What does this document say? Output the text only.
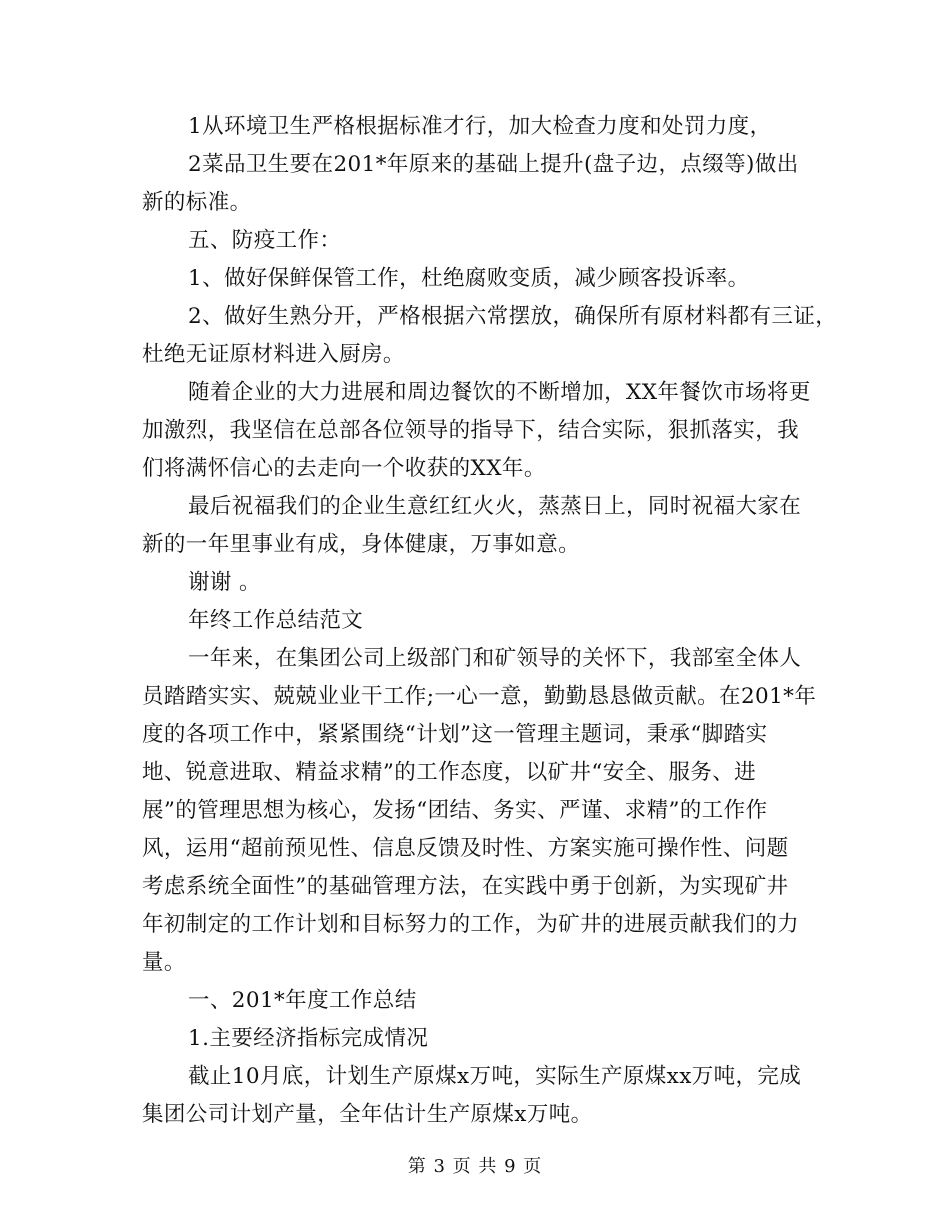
1从环境卫生严格根据标准才行，加大检查力度和处罚力度，
2菜品卫生要在201*年原来的基础上提升(盘子边，点缀等)做出
新的标准。
五、防疫工作：
1、做好保鲜保管工作，杜绝腐败变质，减少顾客投诉率。
2、做好生熟分开，严格根据六常摆放，确保所有原材料都有三证，
杜绝无证原材料进入厨房。
随着企业的大力进展和周边餐饮的不断增加，XX年餐饮市场将更
加激烈，我坚信在总部各位领导的指导下，结合实际，狠抓落实，我
们将满怀信心的去走向一个收获的XX年。
最后祝福我们的企业生意红红火火，蒸蒸日上，同时祝福大家在
新的一年里事业有成，身体健康，万事如意。
谢谢 。
年终工作总结范文
一年来，在集团公司上级部门和矿领导的关怀下，我部室全体人
员踏踏实实、兢兢业业干工作;一心一意，勤勤恳恳做贡献。在201*年
度的各项工作中，紧紧围绕“计划”这一管理主题词，秉承“脚踏实
地、锐意进取、精益求精”的工作态度，以矿井“安全、服务、进
展”的管理思想为核心，发扬“团结、务实、严谨、求精”的工作作
风，运用“超前预见性、信息反馈及时性、方案实施可操作性、问题
考虑系统全面性”的基础管理方法，在实践中勇于创新，为实现矿井
年初制定的工作计划和目标努力的工作，为矿井的进展贡献我们的力
量。
一、201*年度工作总结
1.主要经济指标完成情况
截止10月底，计划生产原煤x万吨，实际生产原煤xx万吨，完成
集团公司计划产量，全年估计生产原煤x万吨。
第 3 页 共 9 页
